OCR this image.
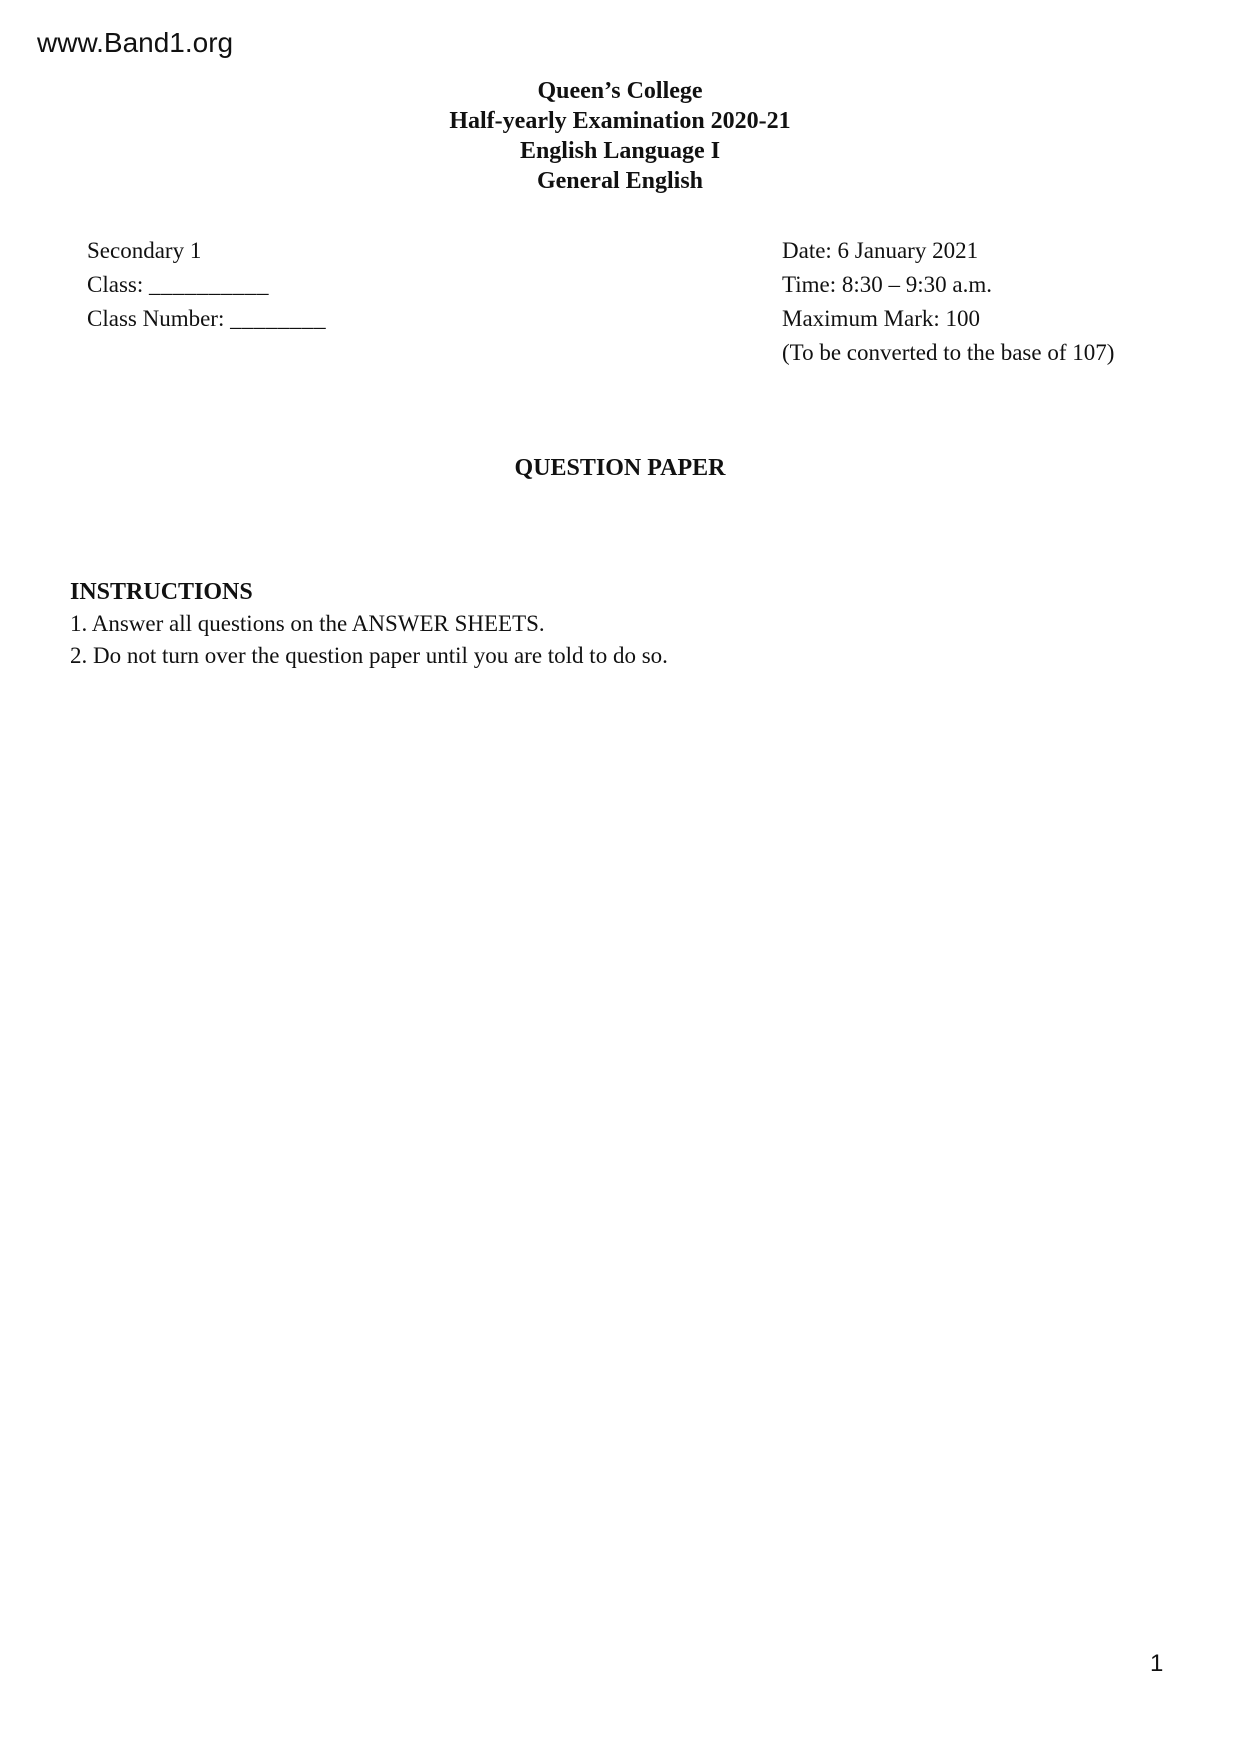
www.Band1.org
Queen’s College
Half-yearly Examination 2020-21
English Language I
General English
Secondary 1
Class: __________
Class Number: ________
Date: 6 January 2021
Time: 8:30 – 9:30 a.m.
Maximum Mark: 100
(To be converted to the base of 107)
QUESTION PAPER
INSTRUCTIONS
1. Answer all questions on the ANSWER SHEETS.
2. Do not turn over the question paper until you are told to do so.
1
